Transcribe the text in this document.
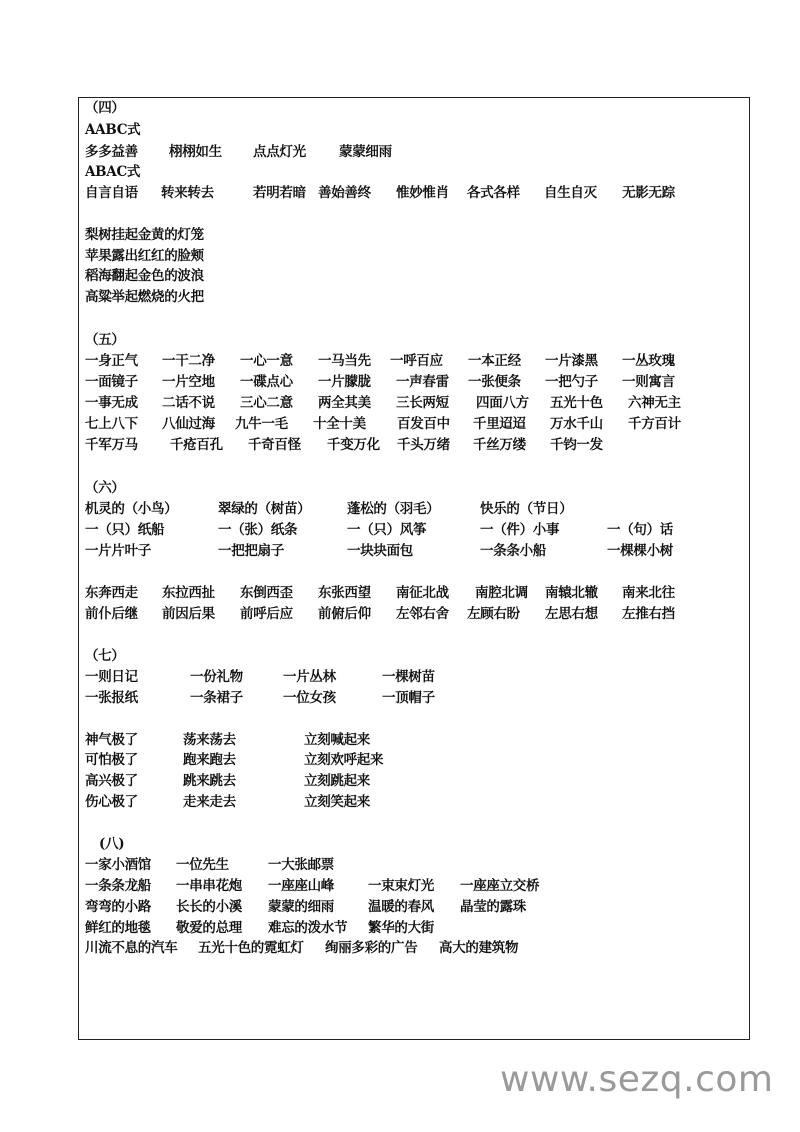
（四）
AABC式
多多益善 栩栩如生 点点灯光 蒙蒙细雨
ABAC式
自言自语 转来转去	若明若暗 善始善终 惟妙惟肖 各式各样 自生自灭 无影无踪
梨树挂起金黄的灯笼
苹果露出红红的脸颊
稻海翻起金色的波浪
高粱举起燃烧的火把
（五）
一身正气 一干二净 一心一意 一马当先 一呼百应 一本正经 一片漆黑 一丛玫瑰
一面镜子 一片空地 一碟点心 一片朦胧 一声春雷 一张便条 一把勺子 一则寓言
一事无成 二话不说 三心二意 两全其美 三长两短 四面八方 五光十色 六神无主
七上八下 八仙过海 九牛一毛 十全十美 百发百中 千里迢迢 万水千山 千方百计
千军万马 千疮百孔 千奇百怪 千变万化 千头万绪 千丝万缕 千钧一发
（六）
机灵的（小鸟）	翠绿的（树苗）	蓬松的（羽毛）	快乐的（节日）
一（只）纸船	一（张）纸条	一（只）风筝	一（件）小事	一（句）话
一片片叶子	一把把扇子	一块块面包	一条条小船	一棵棵小树
东奔西走 东拉西扯 东倒西歪 东张西望 南征北战 南腔北调 南辕北辙 南来北往
前仆后继 前因后果 前呼后应 前俯后仰 左邻右舍 左顾右盼 左思右想 左推右挡
（七）
一则日记	一份礼物	一片丛林	一棵树苗
一张报纸	一条裙子	一位女孩	一顶帽子
神气极了	荡来荡去	立刻喊起来
可怕极了	跑来跑去	立刻欢呼起来
高兴极了	跳来跳去	立刻跳起来
伤心极了	走来走去	立刻笑起来
(八)
一家小酒馆 一位先生	一大张邮票
一条条龙船 一串串花炮 一座座山峰	一束束灯光 一座座立交桥
弯弯的小路 长长的小溪 蒙蒙的细雨	温暖的春风 晶莹的露珠
鲜红的地毯 敬爱的总理 难忘的泼水节 繁华的大街
川流不息的汽车 五光十色的霓虹灯 绚丽多彩的广告 高大的建筑物
www.sezq.com
